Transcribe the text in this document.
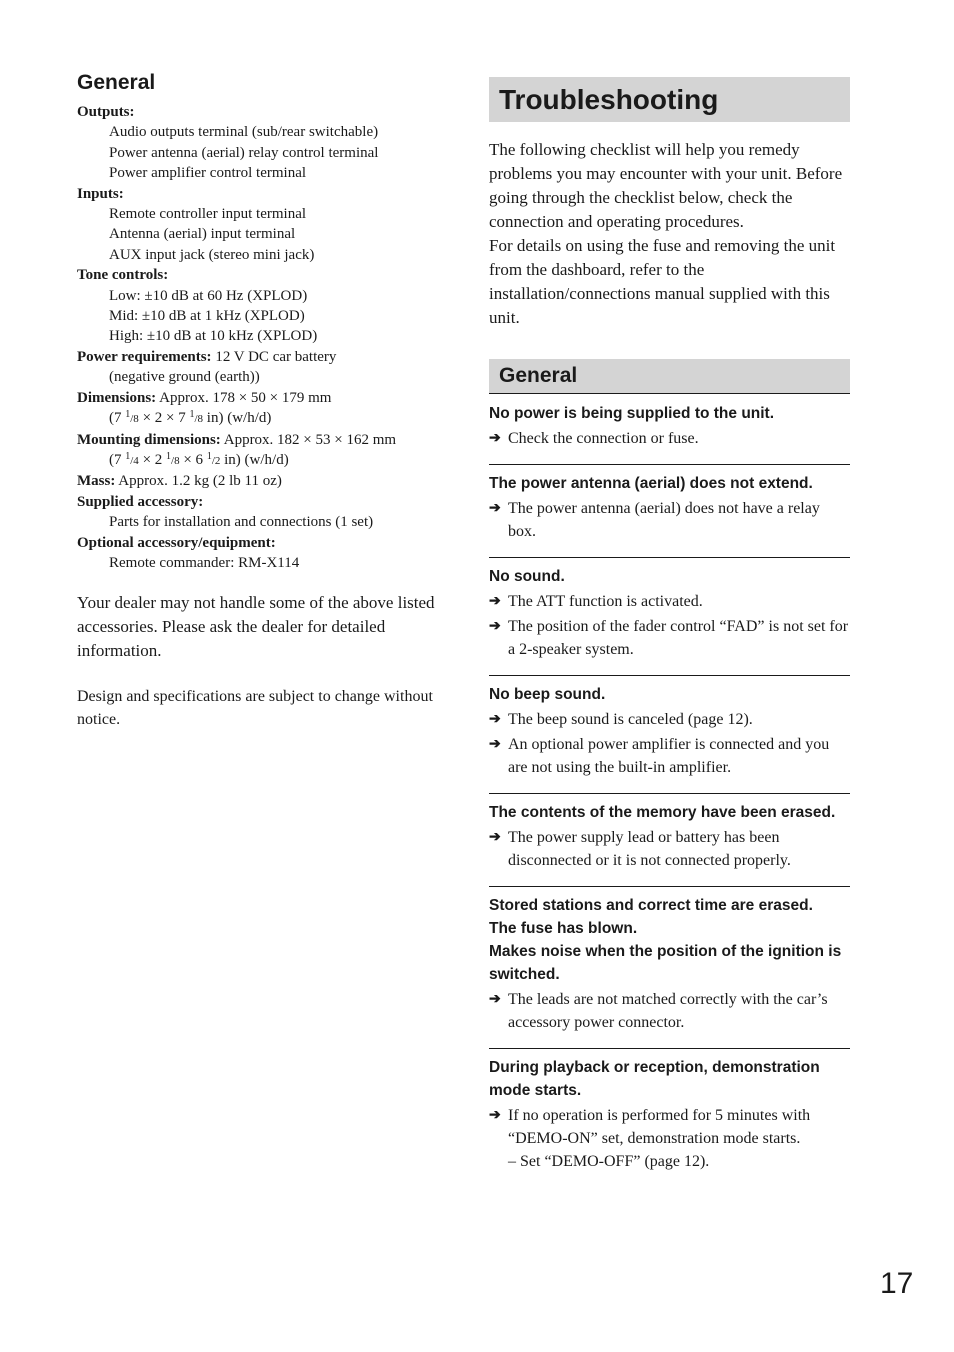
General
Outputs:
Audio outputs terminal (sub/rear switchable)
Power antenna (aerial) relay control terminal
Power amplifier control terminal
Inputs:
Remote controller input terminal
Antenna (aerial) input terminal
AUX input jack (stereo mini jack)
Tone controls:
Low: ±10 dB at 60 Hz (XPLOD)
Mid: ±10 dB at 1 kHz (XPLOD)
High: ±10 dB at 10 kHz (XPLOD)
Power requirements: 12 V DC car battery
(negative ground (earth))
Dimensions: Approx. 178 × 50 × 179 mm
(7 $^1$/8 × 2 × 7 $^1$/8 in) (w/h/d)
Mounting dimensions: Approx. 182 × 53 × 162 mm
(7 $^1$/4 × 2 $^1$/8 × 6 $^1$/2 in) (w/h/d)
Mass: Approx. 1.2 kg (2 lb 11 oz)
Supplied accessory:
Parts for installation and connections (1 set)
Optional accessory/equipment:
Remote commander: RM-X114

Your dealer may not handle some of the above listed accessories. Please ask the dealer for detailed information.

Design and specifications are subject to change without notice.

Troubleshooting

The following checklist will help you remedy problems you may encounter with your unit. Before going through the checklist below, check the connection and operating procedures.

For details on using the fuse and removing the unit from the dashboard, refer to the installation/connections manual supplied with this unit.

General
No power is being supplied to the unit.
➔ Check the connection or fuse.
The power antenna (aerial) does not extend.
➔ The power antenna (aerial) does not have a relay box.
No sound.
➔ The ATT function is activated.
➔ The position of the fader control “FAD” is not set for a 2-speaker system.
No beep sound.
➔ The beep sound is canceled (page 12).
➔ An optional power amplifier is connected and you are not using the built-in amplifier.
The contents of the memory have been erased.
➔ The power supply lead or battery has been disconnected or it is not connected properly.
Stored stations and correct time are erased.
The fuse has blown.
Makes noise when the position of the ignition is switched.
➔ The leads are not matched correctly with the car’s accessory power connector.
During playback or reception, demonstration mode starts.
➔ If no operation is performed for 5 minutes with “DEMO-ON” set, demonstration mode starts.
– Set “DEMO-OFF” (page 12).
17
